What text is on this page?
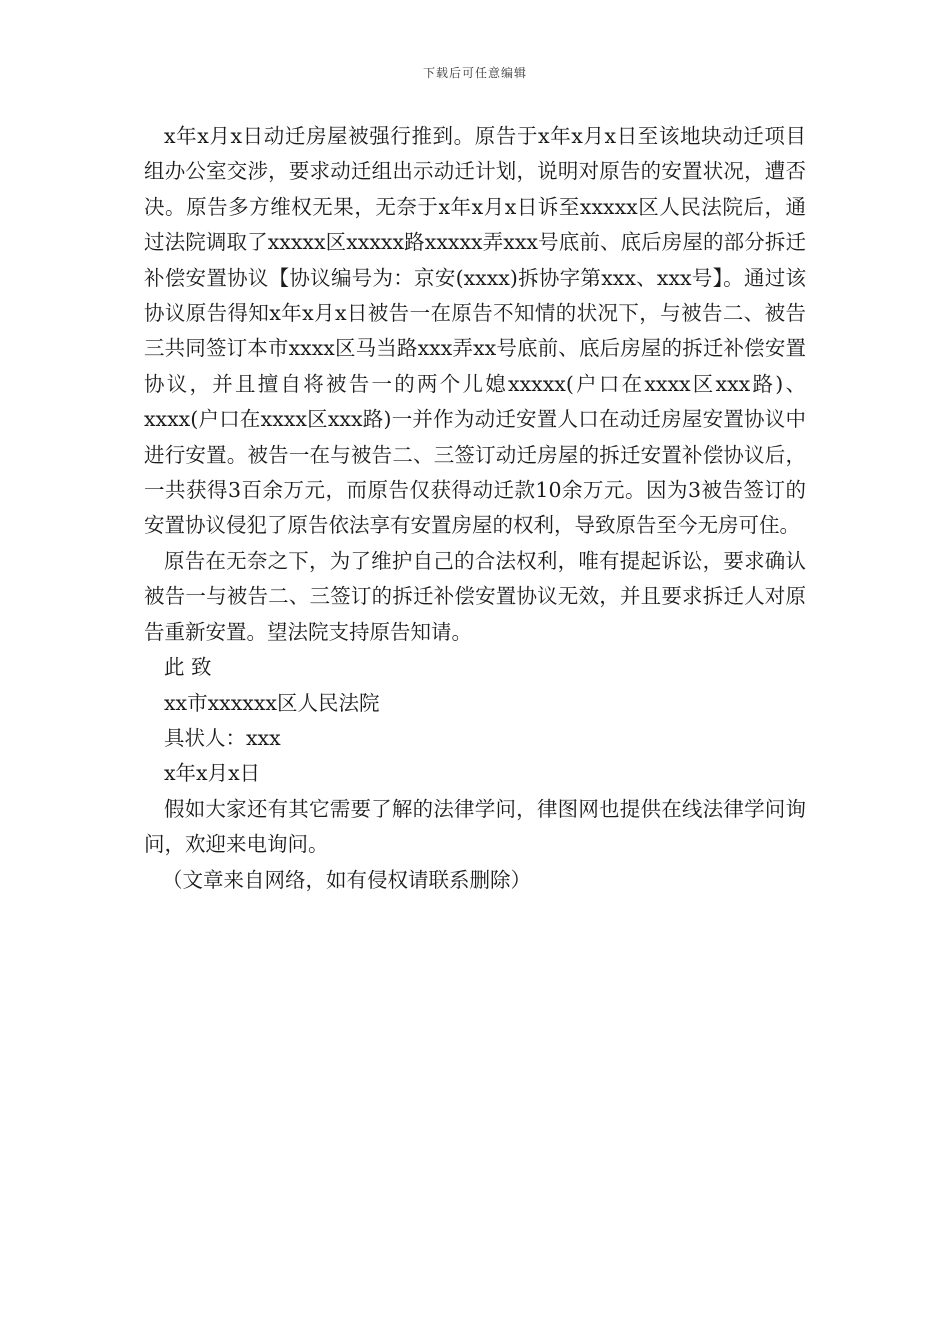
下载后可任意编辑

x年x月x日动迁房屋被强行推到。原告于x年x月x日至该地块动迁项目组办公室交涉，要求动迁组出示动迁计划，说明对原告的安置状况，遭否决。原告多方维权无果，无奈于x年x月x日诉至xxxxx区人民法院后，通过法院调取了xxxxx区xxxxx路xxxxx弄xxx号底前、底后房屋的部分拆迁补偿安置协议【协议编号为：京安(xxxx)拆协字第xxx、xxx号】。通过该协议原告得知x年x月x日被告一在原告不知情的状况下，与被告二、被告三共同签订本市xxxx区马当路xxx弄xx号底前、底后房屋的拆迁补偿安置协议，并且擅自将被告一的两个儿媳xxxxx(户口在xxxx区xxx路)、xxxx(户口在xxxx区xxx路)一并作为动迁安置人口在动迁房屋安置协议中进行安置。被告一在与被告二、三签订动迁房屋的拆迁安置补偿协议后，一共获得3百余万元，而原告仅获得动迁款10余万元。因为3被告签订的安置协议侵犯了原告依法享有安置房屋的权利，导致原告至今无房可住。

原告在无奈之下，为了维护自己的合法权利，唯有提起诉讼，要求确认被告一与被告二、三签订的拆迁补偿安置协议无效，并且要求拆迁人对原告重新安置。望法院支持原告知请。

此 致

xx市xxxxxx区人民法院

具状人：xxx

x年x月x日

假如大家还有其它需要了解的法律学问，律图网也提供在线法律学问询问，欢迎来电询问。

（文章来自网络，如有侵权请联系删除）
